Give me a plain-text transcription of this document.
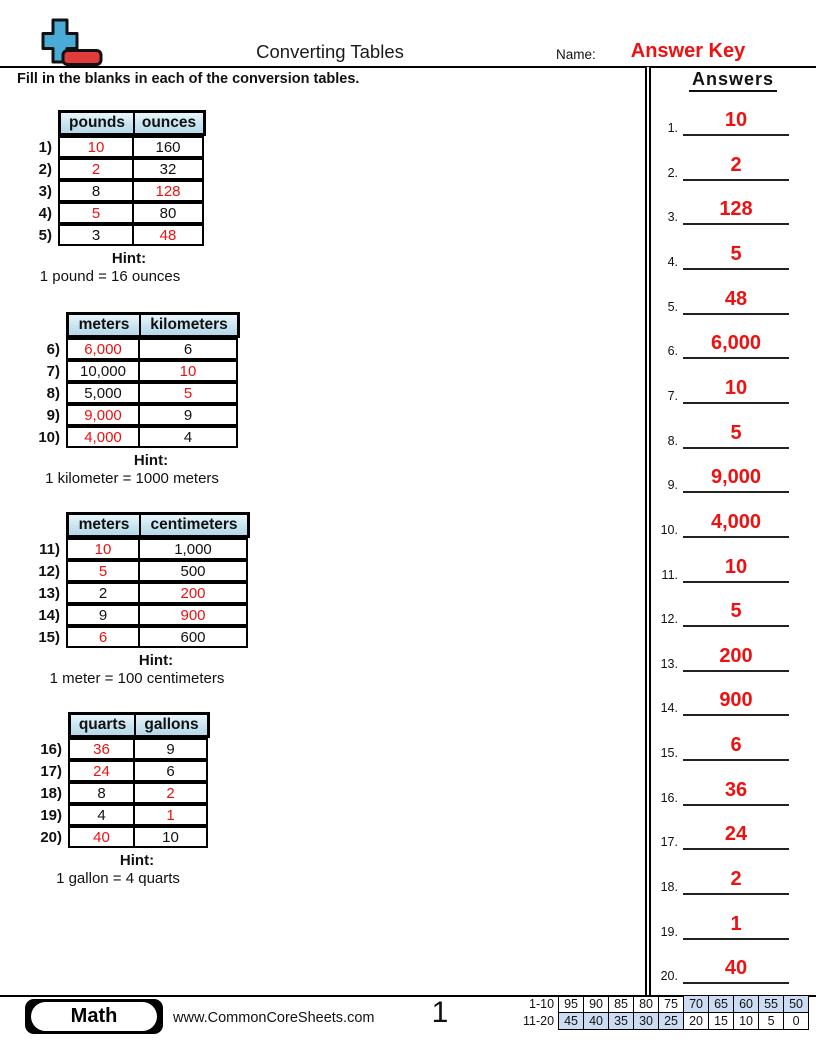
Converting Tables	Name:	Answer Key
Fill in the blanks in each of the conversion tables.	Answers
1.	10
2.	2
3.	128
4.	5
5.	48
6.	6,000
7.	10
8.	5
9.	9,000
10.	4,000
11.	10
12.	5
13.	200
14.	900
15.	6
16.	36
17.	24
18.	2
19.	1
20.	40
pounds	ounces
1)	10	160
2)	2	32
3)	8	128
4)	5	80
5)	3	48
Hint:
1 pound = 16 ounces
meters	kilometers
6)	6,000	6
7)	10,000	10
8)	5,000	5
9)	9,000	9
10)	4,000	4
Hint:
1 kilometer = 1000 meters
meters	centimeters
11)	10	1,000
12)	5	500
13)	2	200
14)	9	900
15)	6	600
Hint:
1 meter = 100 centimeters
quarts	gallons
16)	36	9
17)	24	6
18)	8	2
19)	4	1
20)	40	10
Hint:
1 gallon = 4 quarts
Math	www.CommonCoreSheets.com 1	1-10	95	90	85	80	75	70	65	60	55	50
11-20	45	40	35	30	25	20	15	10	5	0
